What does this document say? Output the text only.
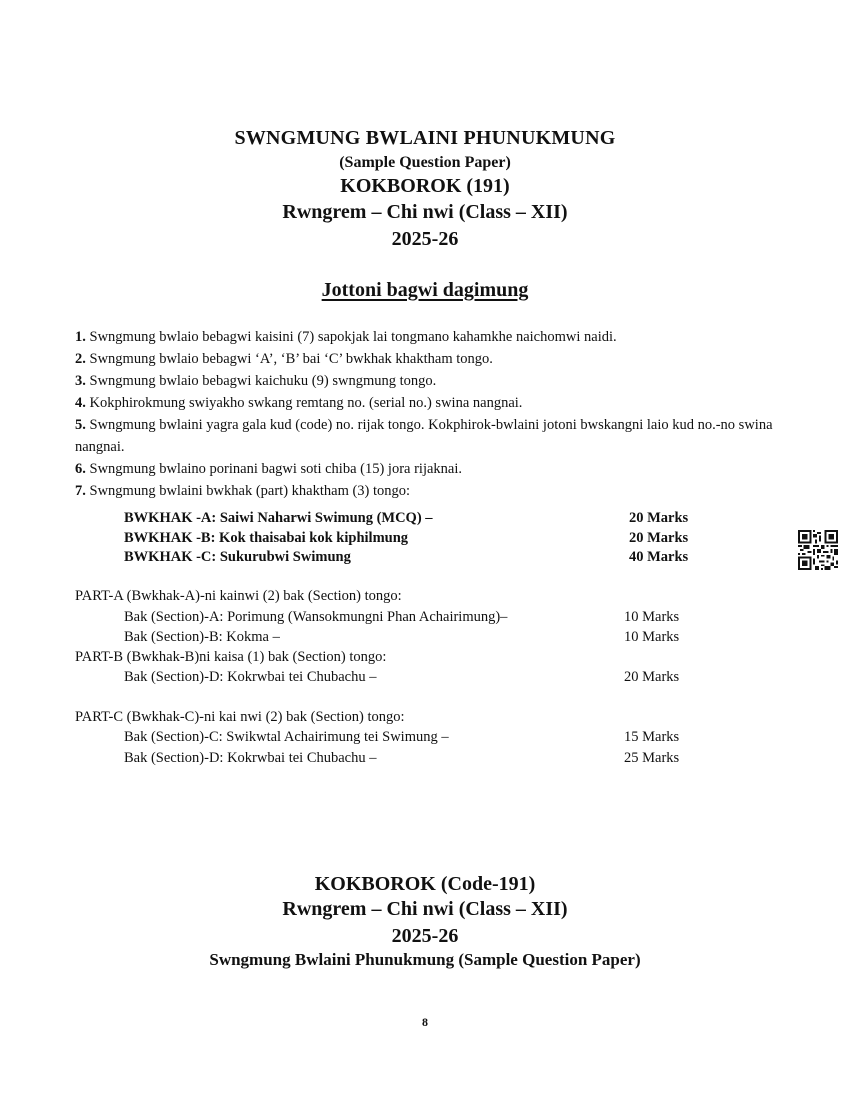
SWNGMUNG BWLAINI PHUNUKMUNG
(Sample Question Paper)
KOKBOROK (191)
Rwngrem – Chi nwi (Class – XII)
2025-26
Jottoni bagwi dagimung
1. Swngmung bwlaio bebagwi kaisini (7) sapokjak lai tongmano kahamkhe naichomwi naidi.
2. Swngmung bwlaio bebagwi ‘A’, ‘B’ bai ‘C’ bwkhak khaktham tongo.
3. Swngmung bwlaio bebagwi kaichuku (9) swngmung tongo.
4. Kokphirokmung swiyakho swkang remtang no. (serial no.) swina nangnai.
5. Swngmung bwlaini yagra gala kud (code) no. rijak tongo. Kokphirok-bwlaini jotoni bwskangni laio kud no.-no swina nangnai.
6. Swngmung bwlaino porinani bagwi soti chiba (15) jora rijaknai.
7. Swngmung bwlaini bwkhak (part) khaktham (3) tongo:
BWKHAK -A: Saiwi Naharwi Swimung (MCQ) –	20 Marks
BWKHAK -B: Kok thaisabai kok kiphilmung	20 Marks
BWKHAK -C: Sukurubwi Swimung	40 Marks
PART-A (Bwkhak-A)-ni kainwi (2) bak (Section) tongo:
Bak (Section)-A: Porimung (Wansokmungni Phan Achairimung)–	10 Marks
Bak (Section)-B: Kokma –	10 Marks
PART-B (Bwkhak-B)ni kaisa (1) bak (Section) tongo:
Bak (Section)-D: Kokrwbai tei Chubachu –	20 Marks
PART-C (Bwkhak-C)-ni kai nwi (2) bak (Section) tongo:
Bak (Section)-C: Swikwtal Achairimung tei Swimung –	15 Marks
Bak (Section)-D: Kokrwbai tei Chubachu –	25 Marks
KOKBOROK (Code-191)
Rwngrem – Chi nwi (Class – XII)
2025-26
Swngmung Bwlaini Phunukmung (Sample Question Paper)
8
